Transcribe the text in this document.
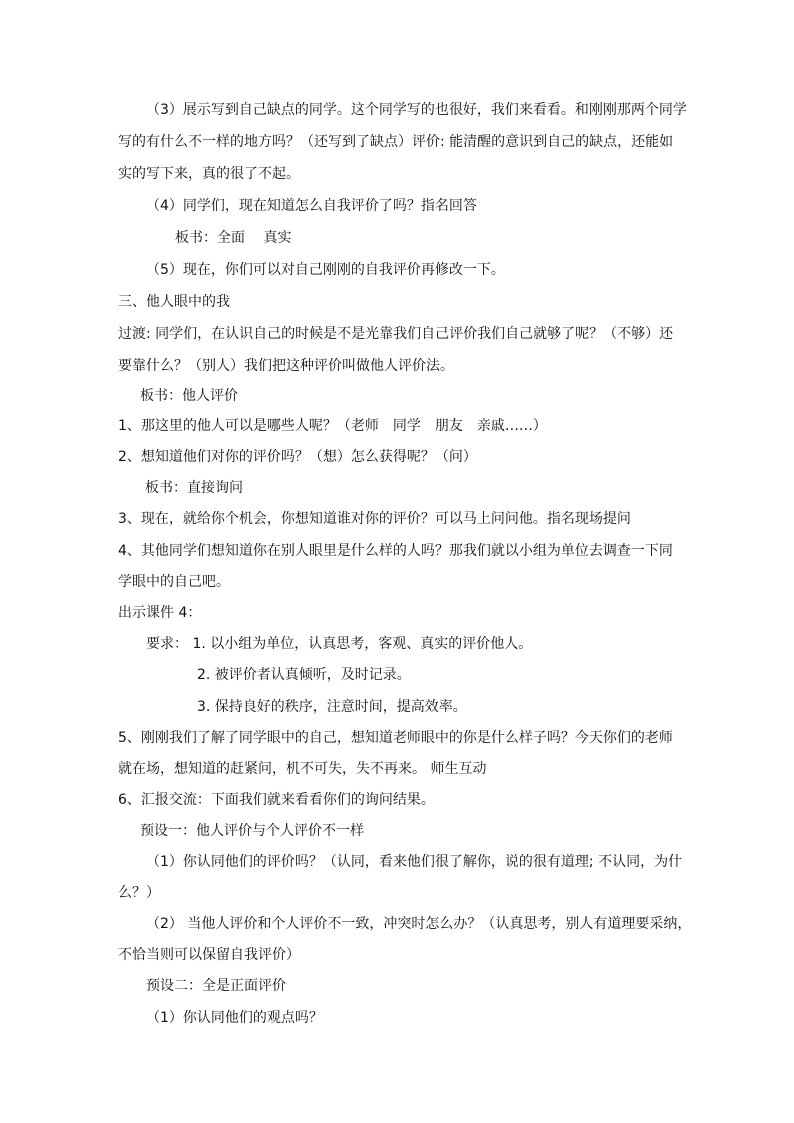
（3）展示写到自己缺点的同学。这个同学写的也很好，我们来看看。和刚刚那两个同学
写的有什么不一样的地方吗？（还写到了缺点）评价: 能清醒的意识到自己的缺点，还能如
实的写下来，真的很了不起。
（4）同学们，现在知道怎么自我评价了吗？指名回答
板书：全面　 真实
（5）现在，你们可以对自己刚刚的自我评价再修改一下。
三、他人眼中的我
过渡: 同学们，在认识自己的时候是不是光靠我们自己评价我们自己就够了呢？（不够）还
要靠什么？（别人）我们把这种评价叫做他人评价法。
板书：他人评价
1、那这里的他人可以是哪些人呢？（老师　同学　朋友　亲戚……）
2、想知道他们对你的评价吗？（想）怎么获得呢？（问）
板书：直接询问
3、现在，就给你个机会，你想知道谁对你的评价？可以马上问问他。指名现场提问
4、其他同学们想知道你在别人眼里是什么样的人吗？那我们就以小组为单位去调查一下同
学眼中的自己吧。
出示课件 4：
要求： 1. 以小组为单位，认真思考，客观、真实的评价他人。
2. 被评价者认真倾听，及时记录。
3. 保持良好的秩序，注意时间，提高效率。
5、刚刚我们了解了同学眼中的自己，想知道老师眼中的你是什么样子吗？今天你们的老师
就在场，想知道的赶紧问，机不可失，失不再来。 师生互动
6、汇报交流：下面我们就来看看你们的询问结果。
预设一：他人评价与个人评价不一样
（1）你认同他们的评价吗？（认同，看来他们很了解你，说的很有道理; 不认同，为什
么？）
（2） 当他人评价和个人评价不一致，冲突时怎么办？（认真思考，别人有道理要采纳，
不恰当则可以保留自我评价）
预设二：全是正面评价
（1）你认同他们的观点吗？
